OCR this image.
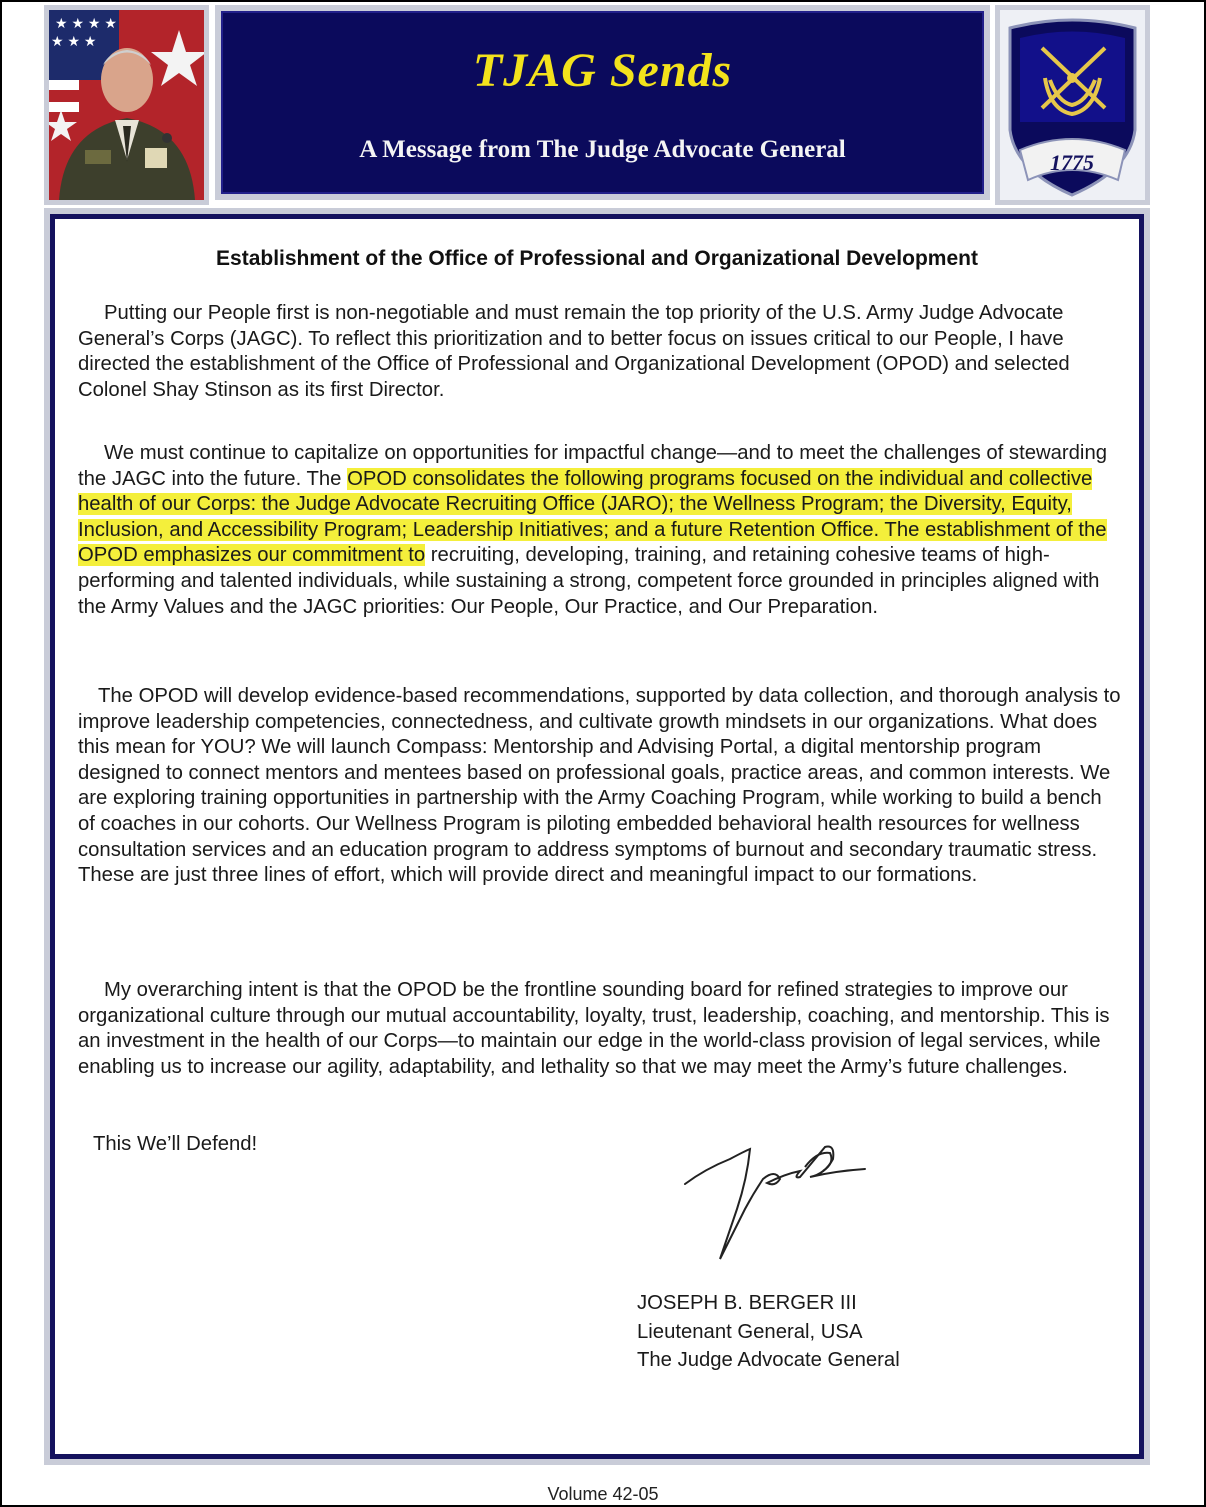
★ ★ ★ ★
★ ★ ★
TJAG Sends
A Message from The Judge Advocate General	1775
Establishment of the Office of Professional and Organizational Development

Putting our People first is non-negotiable and must remain the top priority of the U.S. Army Judge Advocate General’s Corps (JAGC). To reflect this prioritization and to better focus on issues critical to our People, I have directed the establishment of the Office of Professional and Organizational Development (OPOD) and selected Colonel Shay Stinson as its first Director.

We must continue to capitalize on opportunities for impactful change—and to meet the challenges of stewarding the JAGC into the future. The OPOD consolidates the following programs focused on the individual and collective health of our Corps: the Judge Advocate Recruiting Office (JARO); the Wellness Program; the Diversity, Equity, Inclusion, and Accessibility Program; Leadership Initiatives; and a future Retention Office. The establishment of the OPOD emphasizes our commitment to recruiting, developing, training, and retaining cohesive teams of high-performing and talented individuals, while sustaining a strong, competent force grounded in principles aligned with the Army Values and the JAGC priorities: Our People, Our Practice, and Our Preparation.

The OPOD will develop evidence-based recommendations, supported by data collection, and thorough analysis to improve leadership competencies, connectedness, and cultivate growth mindsets in our organizations. What does this mean for YOU? We will launch Compass: Mentorship and Advising Portal, a digital mentorship program designed to connect mentors and mentees based on professional goals, practice areas, and common interests. We are exploring training opportunities in partnership with the Army Coaching Program, while working to build a bench of coaches in our cohorts. Our Wellness Program is piloting embedded behavioral health resources for wellness consultation services and an education program to address symptoms of burnout and secondary traumatic stress. These are just three lines of effort, which will provide direct and meaningful impact to our formations.

My overarching intent is that the OPOD be the frontline sounding board for refined strategies to improve our organizational culture through our mutual accountability, loyalty, trust, leadership, coaching, and mentorship. This is an investment in the health of our Corps—to maintain our edge in the world-class provision of legal services, while enabling us to increase our agility, adaptability, and lethality so that we may meet the Army’s future challenges.

This We’ll Defend!
JOSEPH B. BERGER III
Lieutenant General, USA
The Judge Advocate General
Volume 42-05
